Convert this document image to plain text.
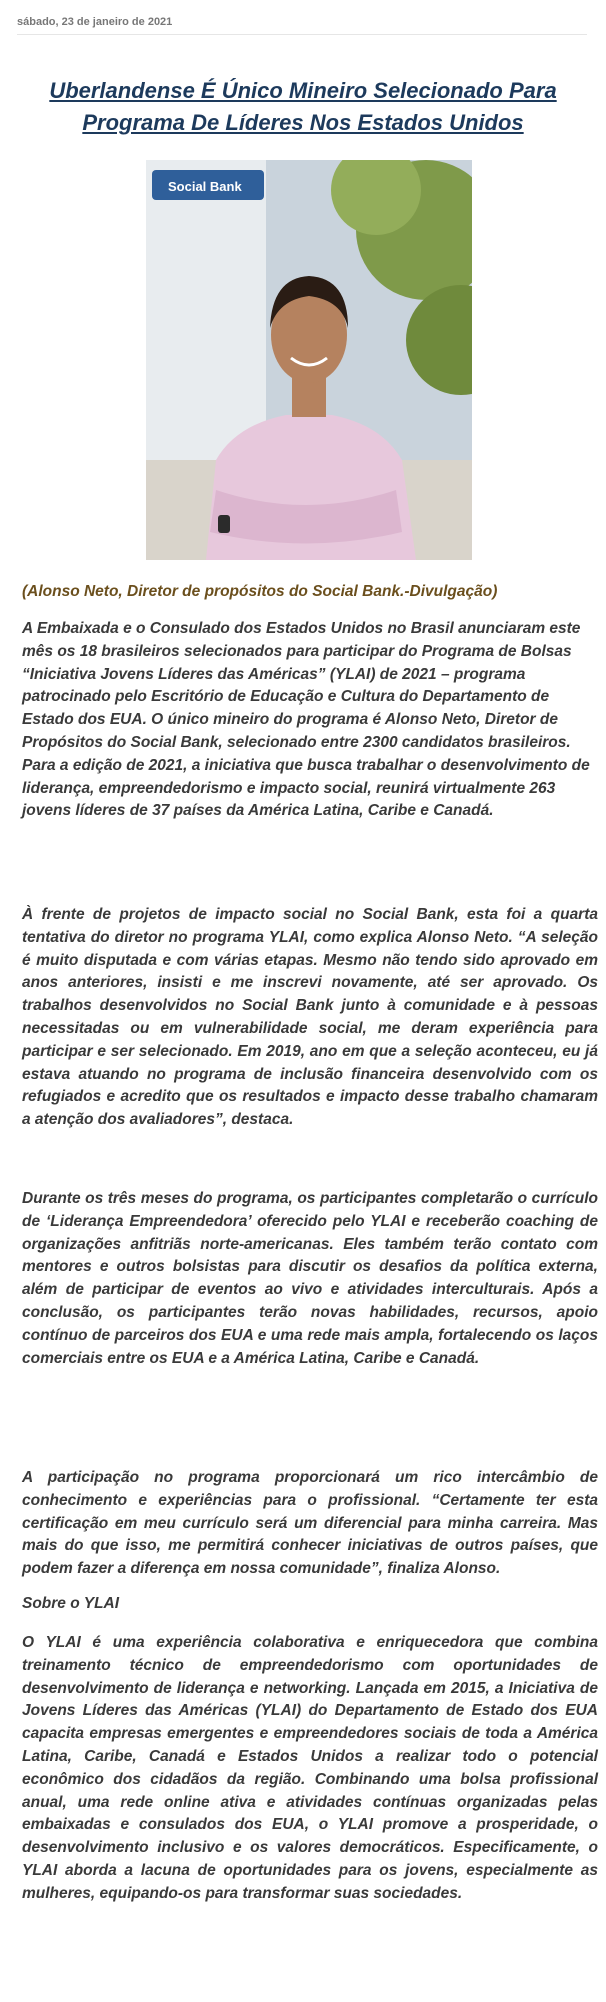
sábado, 23 de janeiro de 2021
Uberlandense É Único Mineiro Selecionado Para Programa De Líderes Nos Estados Unidos
Social Bank
(Alonso Neto, Diretor de propósitos do Social Bank.-Divulgação)

A Embaixada e o Consulado dos Estados Unidos no Brasil anunciaram este mês os 18 brasileiros selecionados para participar do Programa de Bolsas “Iniciativa Jovens Líderes das Américas” (YLAI) de 2021 – programa patrocinado pelo Escritório de Educação e Cultura do Departamento de Estado dos EUA. O único mineiro do programa é Alonso Neto, Diretor de Propósitos do Social Bank, selecionado entre 2300 candidatos brasileiros. Para a edição de 2021, a iniciativa que busca trabalhar o desenvolvimento de liderança, empreendedorismo e impacto social, reunirá virtualmente 263 jovens líderes de 37 países da América Latina, Caribe e Canadá.

À frente de projetos de impacto social no Social Bank, esta foi a quarta tentativa do diretor no programa YLAI, como explica Alonso Neto. “A seleção é muito disputada e com várias etapas. Mesmo não tendo sido aprovado em anos anteriores, insisti e me inscrevi novamente, até ser aprovado. Os trabalhos desenvolvidos no Social Bank junto à comunidade e à pessoas necessitadas ou em vulnerabilidade social, me deram experiência para participar e ser selecionado. Em 2019, ano em que a seleção aconteceu, eu já estava atuando no programa de inclusão financeira desenvolvido com os refugiados e acredito que os resultados e impacto desse trabalho chamaram a atenção dos avaliadores”, destaca.

Durante os três meses do programa, os participantes completarão o currículo de ‘Liderança Empreendedora’ oferecido pelo YLAI e receberão coaching de organizações anfitriãs norte-americanas. Eles também terão contato com mentores e outros bolsistas para discutir os desafios da política externa, além de participar de eventos ao vivo e atividades interculturais. Após a conclusão, os participantes terão novas habilidades, recursos, apoio contínuo de parceiros dos EUA e uma rede mais ampla, fortalecendo os laços comerciais entre os EUA e a América Latina, Caribe e Canadá.

A participação no programa proporcionará um rico intercâmbio de conhecimento e experiências para o profissional. “Certamente ter esta certificação em meu currículo será um diferencial para minha carreira. Mas mais do que isso, me permitirá conhecer iniciativas de outros países, que podem fazer a diferença em nossa comunidade”, finaliza Alonso.

Sobre o YLAI

O YLAI é uma experiência colaborativa e enriquecedora que combina treinamento técnico de empreendedorismo com oportunidades de desenvolvimento de liderança e networking. Lançada em 2015, a Iniciativa de Jovens Líderes das Américas (YLAI) do Departamento de Estado dos EUA capacita empresas emergentes e empreendedores sociais de toda a América Latina, Caribe, Canadá e Estados Unidos a realizar todo o potencial econômico dos cidadãos da região. Combinando uma bolsa profissional anual, uma rede online ativa e atividades contínuas organizadas pelas embaixadas e consulados dos EUA, o YLAI promove a prosperidade, o desenvolvimento inclusivo e os valores democráticos. Especificamente, o YLAI aborda a lacuna de oportunidades para os jovens, especialmente as mulheres, equipando-os para transformar suas sociedades.
